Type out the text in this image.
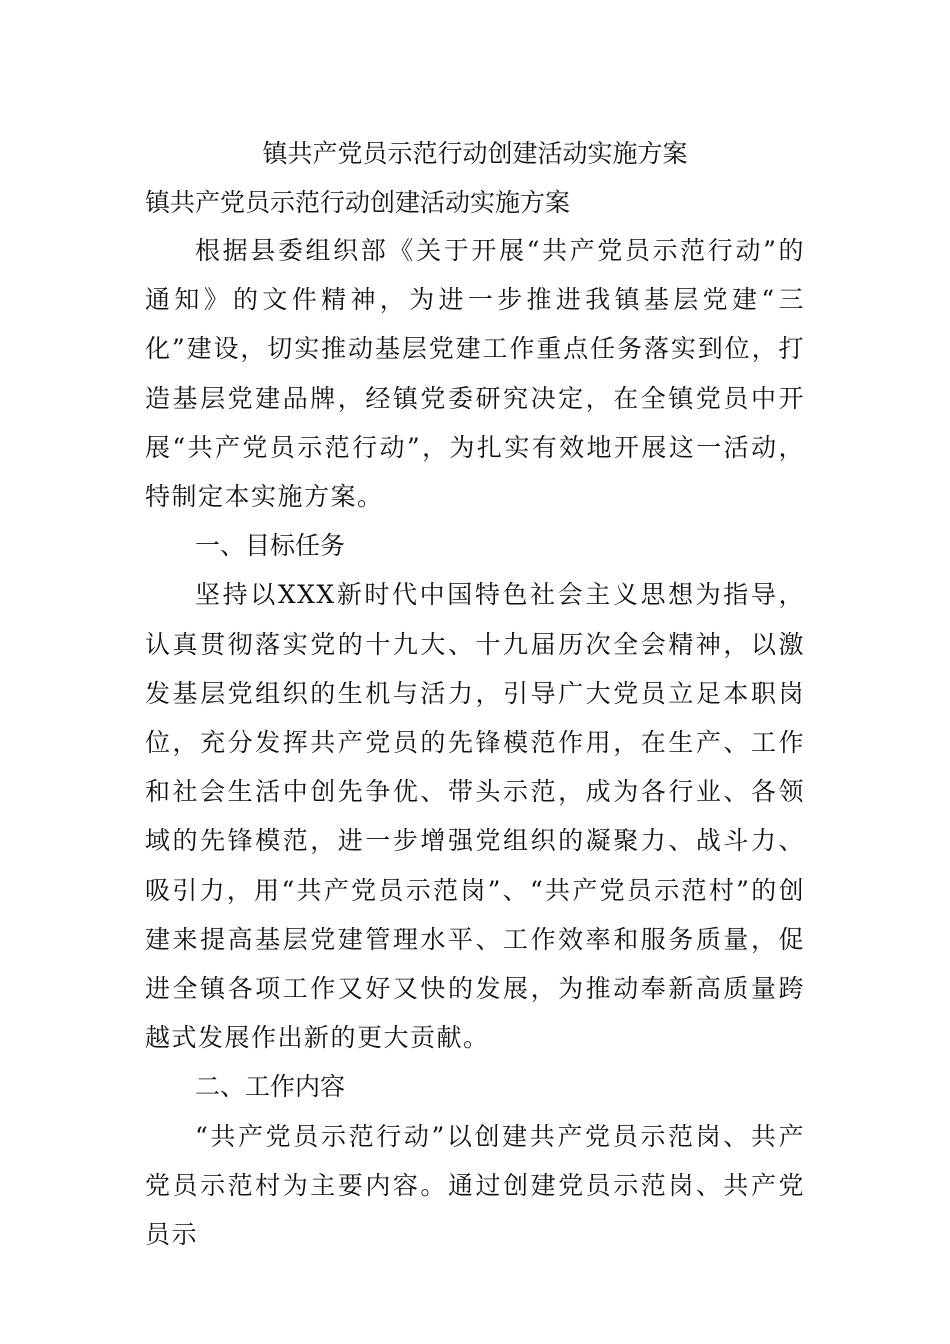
镇共产党员示范行动创建活动实施方案
镇共产党员示范行动创建活动实施方案

根据县委组织部《关于开展“共产党员示范行动”的通知》的文件精神，为进一步推进我镇基层党建“三化”建设，切实推动基层党建工作重点任务落实到位，打造基层党建品牌，经镇党委研究决定，在全镇党员中开展“共产党员示范行动”，为扎实有效地开展这一活动，特制定本实施方案。

一、目标任务

坚持以XXX新时代中国特色社会主义思想为指导，认真贯彻落实党的十九大、十九届历次全会精神，以激发基层党组织的生机与活力，引导广大党员立足本职岗位，充分发挥共产党员的先锋模范作用，在生产、工作和社会生活中创先争优、带头示范，成为各行业、各领域的先锋模范，进一步增强党组织的凝聚力、战斗力、吸引力，用“共产党员示范岗”、“共产党员示范村”的创建来提高基层党建管理水平、工作效率和服务质量，促进全镇各项工作又好又快的发展，为推动奉新高质量跨越式发展作出新的更大贡献。

二、工作内容

“共产党员示范行动”以创建共产党员示范岗、共产党员示范村为主要内容。通过创建党员示范岗、共产党员示
